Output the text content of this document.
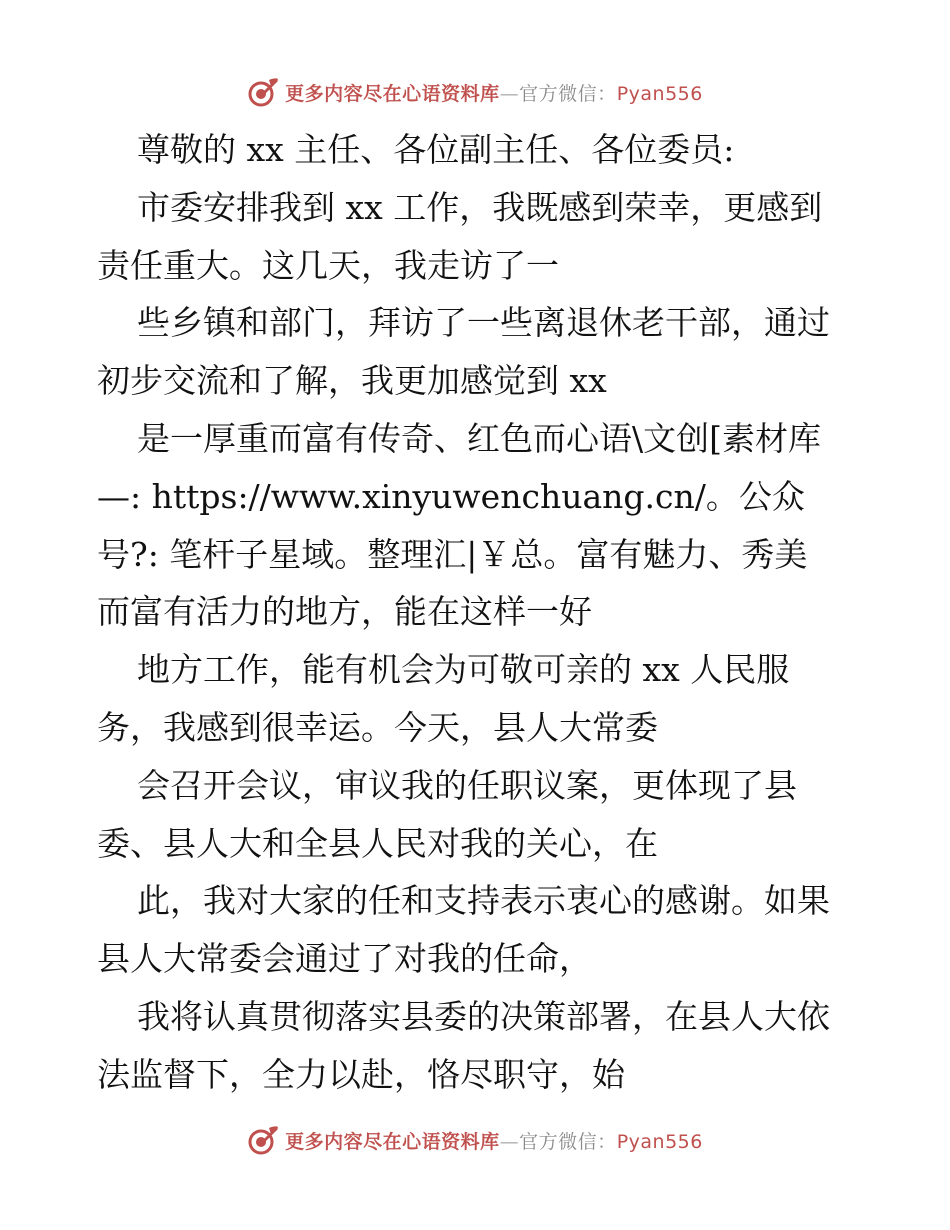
更多内容尽在心语资料库—官方微信：Pyan556
尊敬的 xx 主任、各位副主任、各位委员:
市委安排我到 xx 工作，我既感到荣幸，更感到
责任重大。这几天，我走访了一
些乡镇和部门，拜访了一些离退休老干部，通过
初步交流和了解，我更加感觉到 xx
是一厚重而富有传奇、红色而心语\文创[素材库
—: https://www.xinyuwenchuang.cn/。公众
号?: 笔杆子星域。整理汇|￥总。富有魅力、秀美
而富有活力的地方，能在这样一好
地方工作，能有机会为可敬可亲的 xx 人民服
务，我感到很幸运。今天，县人大常委
会召开会议，审议我的任职议案，更体现了县
委、县人大和全县人民对我的关心，在
此，我对大家的任和支持表示衷心的感谢。如果
县人大常委会通过了对我的任命，
我将认真贯彻落实县委的决策部署，在县人大依
法监督下，全力以赴，恪尽职守，始
更多内容尽在心语资料库—官方微信：Pyan556
